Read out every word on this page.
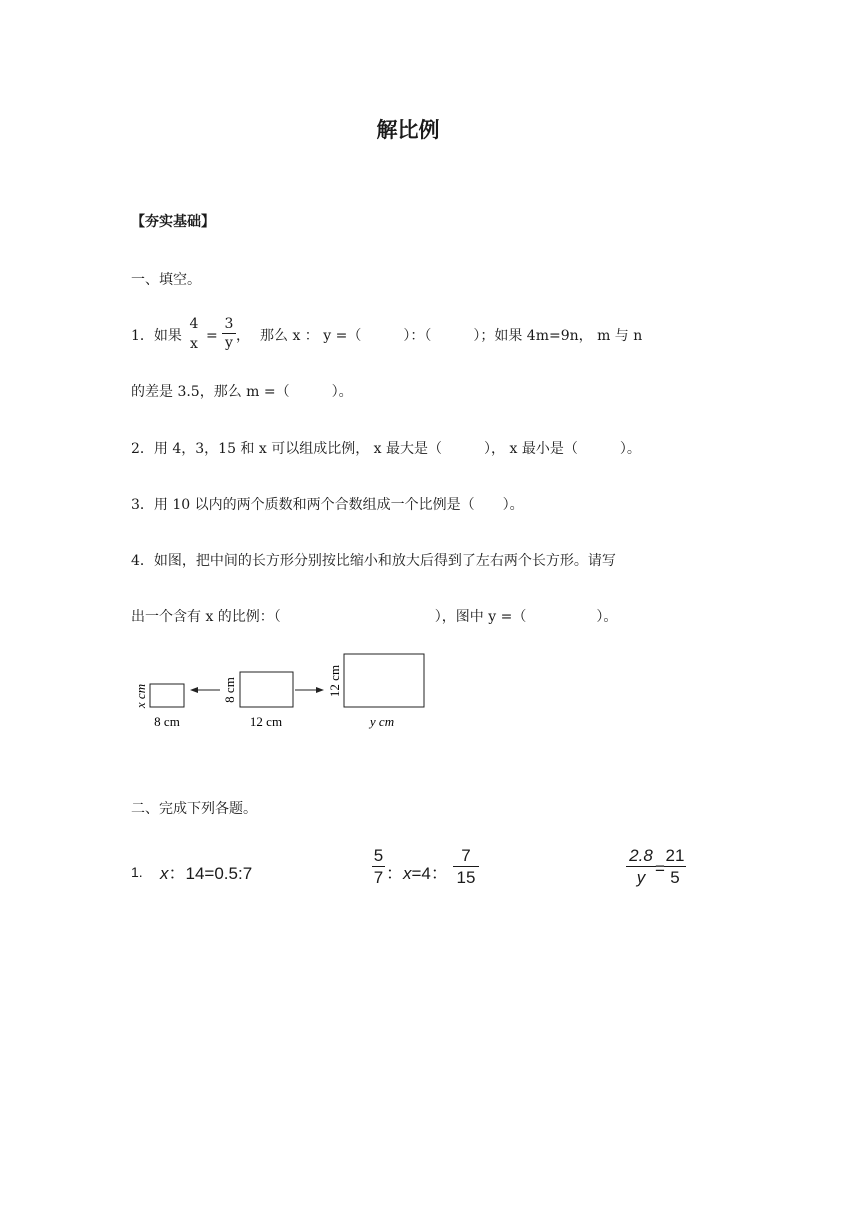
解比例
【夯实基础】
一、填空。
1．如果
4
x =
3
y ， 那么 x ： y =（　　　）：（　　　）；如果 4m=9n， m 与 n
的差是 3.5，那么 m =（　　　）。
2．用 4，3，15 和 x 可以组成比例， x 最大是（　　　）， x 最小是（　　　）。
3．用 10 以内的两个质数和两个合数组成一个比例是（　　）。
4．如图，把中间的长方形分别按比缩小和放大后得到了左右两个长方形。请写
出一个含有 x 的比例：（　　　　　　　　　　　），图中 y =（　　　　　）。
x cm
8 cm
8 cm
12 cm
12 cm
y cm
二、完成下列各题。
1. x：14=0.5:7
5
7 ：x=4：
7
15
2.8
y =
21
5
